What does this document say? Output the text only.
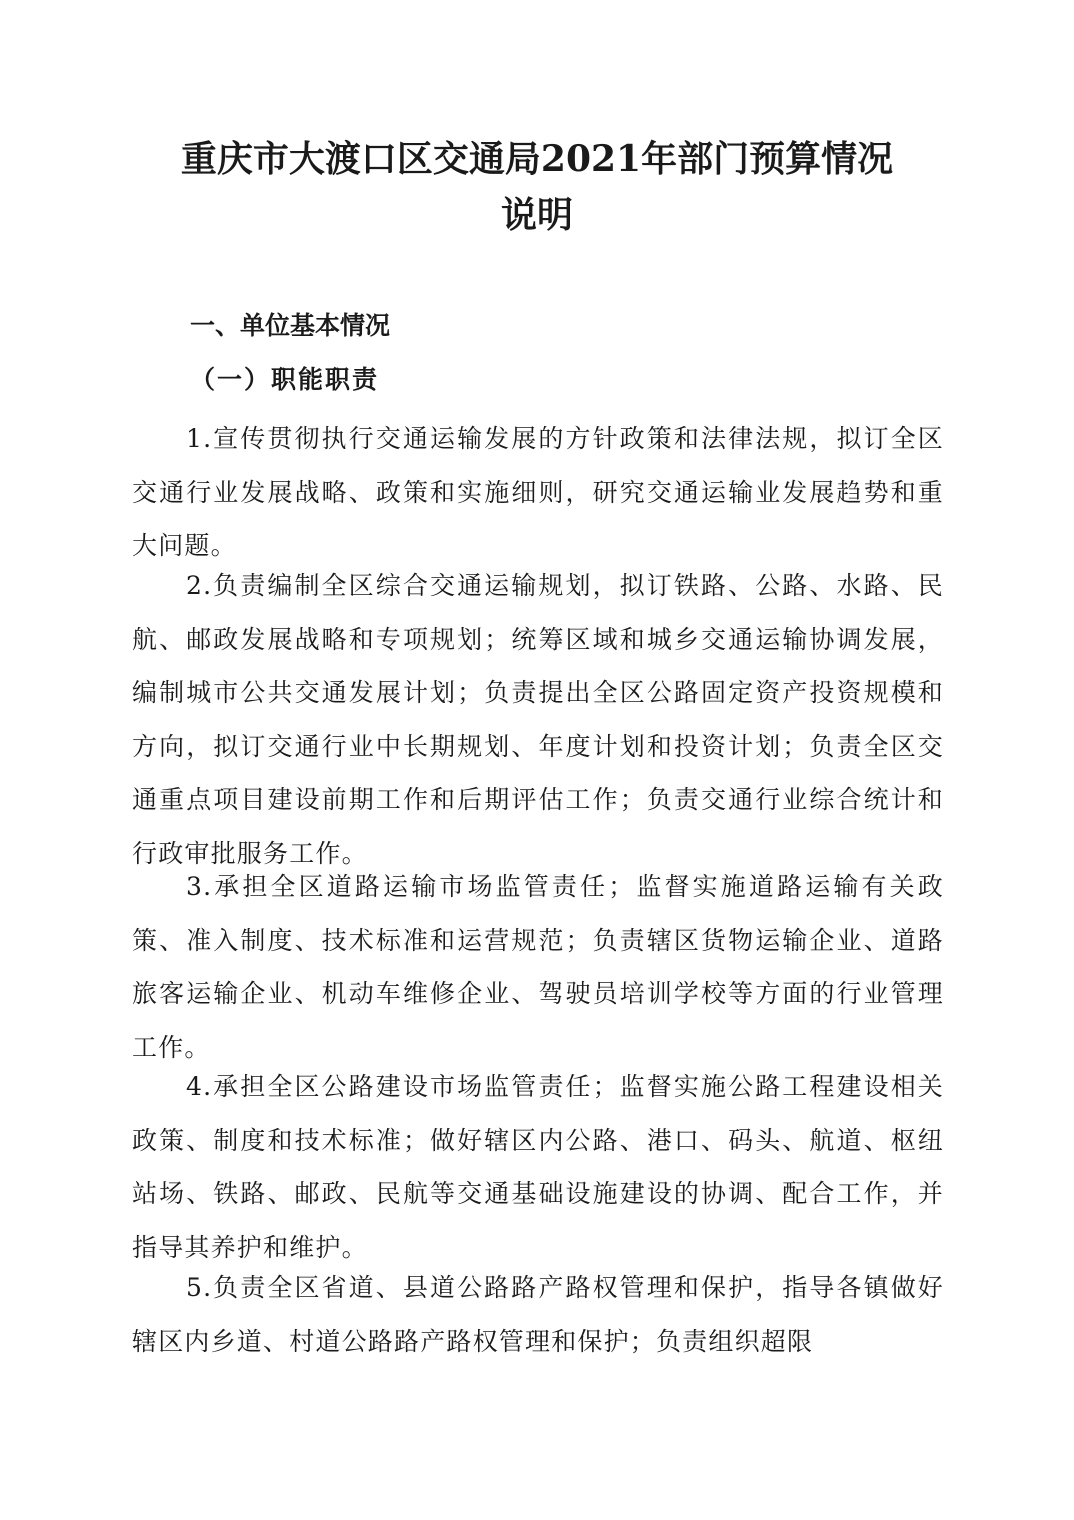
重庆市大渡口区交通局2021年部门预算情况
说明
一、单位基本情况
（一）职能职责

1.宣传贯彻执行交通运输发展的方针政策和法律法规，拟订全区交通行业发展战略、政策和实施细则，研究交通运输业发展趋势和重大问题。

2.负责编制全区综合交通运输规划，拟订铁路、公路、水路、民航、邮政发展战略和专项规划；统筹区域和城乡交通运输协调发展，编制城市公共交通发展计划；负责提出全区公路固定资产投资规模和方向，拟订交通行业中长期规划、年度计划和投资计划；负责全区交通重点项目建设前期工作和后期评估工作；负责交通行业综合统计和行政审批服务工作。

3.承担全区道路运输市场监管责任；监督实施道路运输有关政策、准入制度、技术标准和运营规范；负责辖区货物运输企业、道路旅客运输企业、机动车维修企业、驾驶员培训学校等方面的行业管理工作。

4.承担全区公路建设市场监管责任；监督实施公路工程建设相关政策、制度和技术标准；做好辖区内公路、港口、码头、航道、枢纽站场、铁路、邮政、民航等交通基础设施建设的协调、配合工作，并指导其养护和维护。

5.负责全区省道、县道公路路产路权管理和保护，指导各镇做好辖区内乡道、村道公路路产路权管理和保护；负责组织超限
